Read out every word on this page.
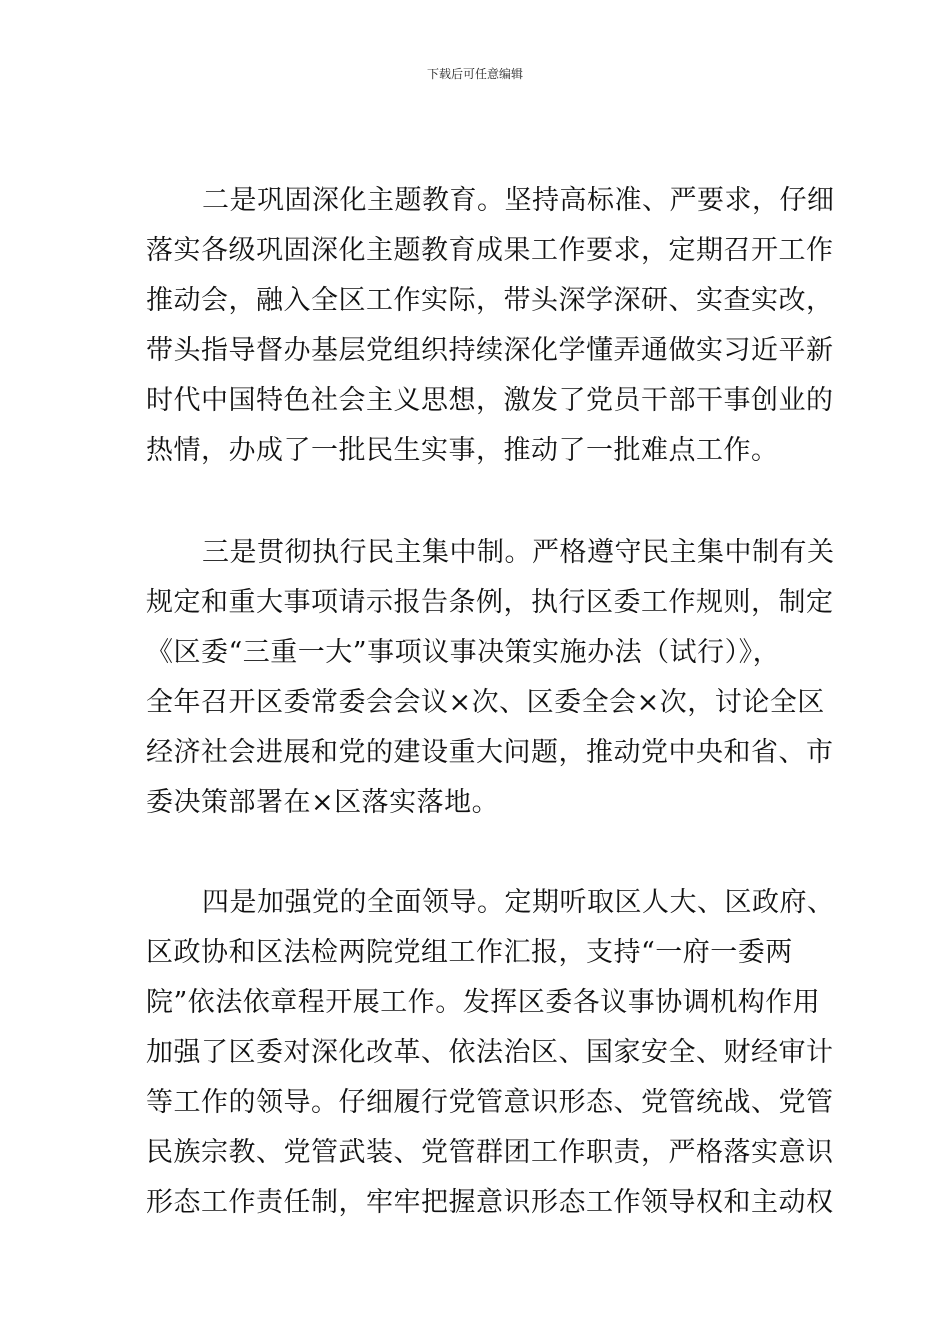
下载后可任意编辑
二是巩固深化主题教育。坚持高标准、严要求，仔细
落实各级巩固深化主题教育成果工作要求，定期召开工作
推动会，融入全区工作实际，带头深学深研、实查实改，
带头指导督办基层党组织持续深化学懂弄通做实习近平新
时代中国特色社会主义思想，激发了党员干部干事创业的
热情，办成了一批民生实事，推动了一批难点工作。
三是贯彻执行民主集中制。严格遵守民主集中制有关
规定和重大事项请示报告条例，执行区委工作规则，制定
《区委“三重一大”事项议事决策实施办法（试行）》，
全年召开区委常委会会议×次、区委全会×次，讨论全区
经济社会进展和党的建设重大问题，推动党中央和省、市
委决策部署在×区落实落地。
四是加强党的全面领导。定期听取区人大、区政府、
区政协和区法检两院党组工作汇报，支持“一府一委两
院”依法依章程开展工作。发挥区委各议事协调机构作用
加强了区委对深化改革、依法治区、国家安全、财经审计
等工作的领导。仔细履行党管意识形态、党管统战、党管
民族宗教、党管武装、党管群团工作职责，严格落实意识
形态工作责任制，牢牢把握意识形态工作领导权和主动权
